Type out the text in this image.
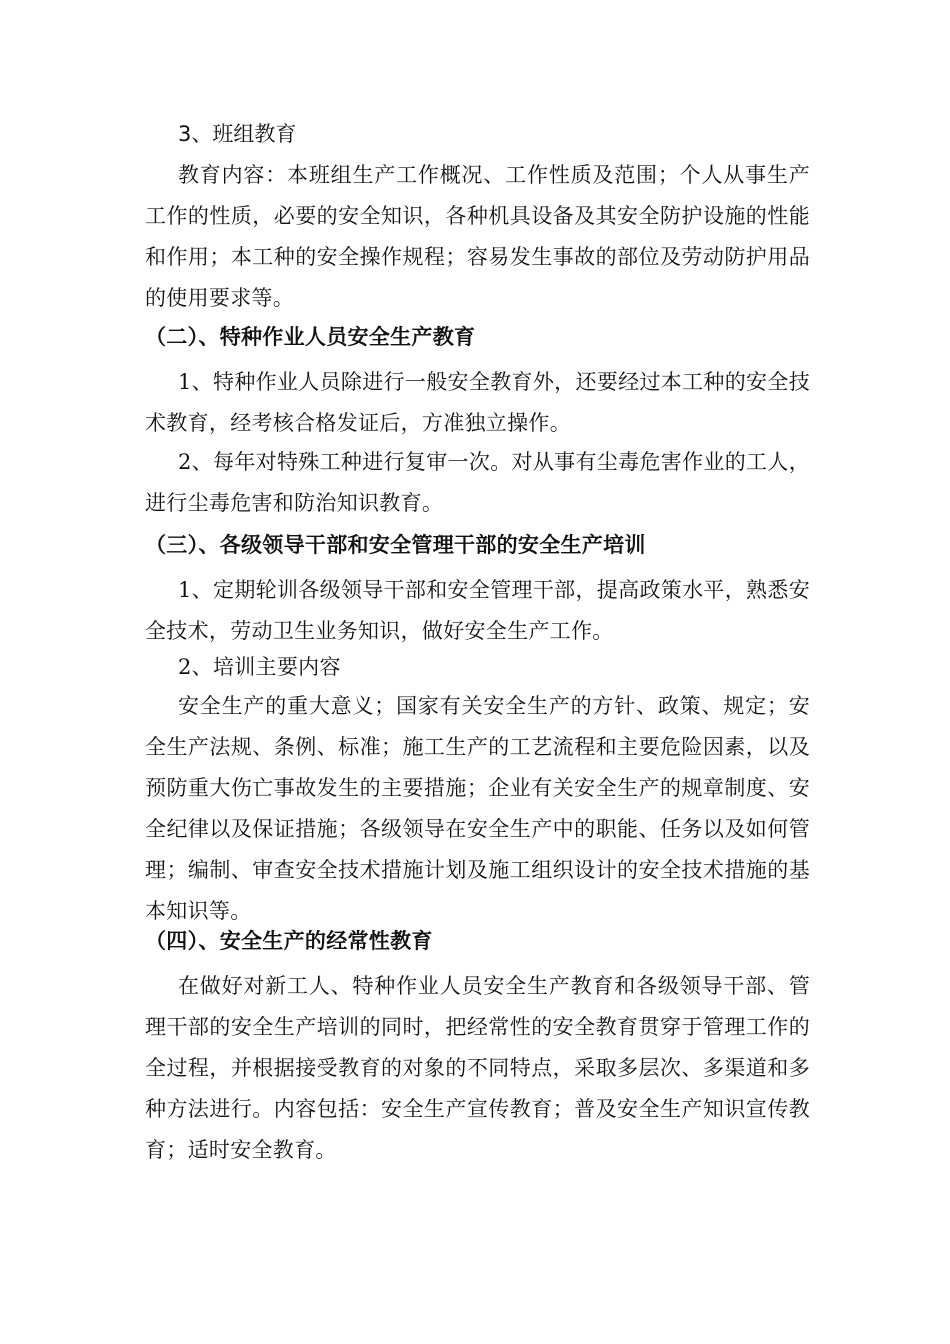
3、班组教育
教育内容：本班组生产工作概况、工作性质及范围；个人从事生产工作的性质，必要的安全知识，各种机具设备及其安全防护设施的性能和作用；本工种的安全操作规程；容易发生事故的部位及劳动防护用品的使用要求等。
（二）、特种作业人员安全生产教育
1、特种作业人员除进行一般安全教育外，还要经过本工种的安全技术教育，经考核合格发证后，方准独立操作。
2、每年对特殊工种进行复审一次。对从事有尘毒危害作业的工人，进行尘毒危害和防治知识教育。
（三）、各级领导干部和安全管理干部的安全生产培训
1、定期轮训各级领导干部和安全管理干部，提高政策水平，熟悉安全技术，劳动卫生业务知识，做好安全生产工作。
2、培训主要内容
安全生产的重大意义；国家有关安全生产的方针、政策、规定；安全生产法规、条例、标准；施工生产的工艺流程和主要危险因素，以及预防重大伤亡事故发生的主要措施；企业有关安全生产的规章制度、安全纪律以及保证措施；各级领导在安全生产中的职能、任务以及如何管理；编制、审查安全技术措施计划及施工组织设计的安全技术措施的基本知识等。
（四）、安全生产的经常性教育
在做好对新工人、特种作业人员安全生产教育和各级领导干部、管理干部的安全生产培训的同时，把经常性的安全教育贯穿于管理工作的全过程，并根据接受教育的对象的不同特点，采取多层次、多渠道和多种方法进行。内容包括：安全生产宣传教育；普及安全生产知识宣传教育；适时安全教育。
